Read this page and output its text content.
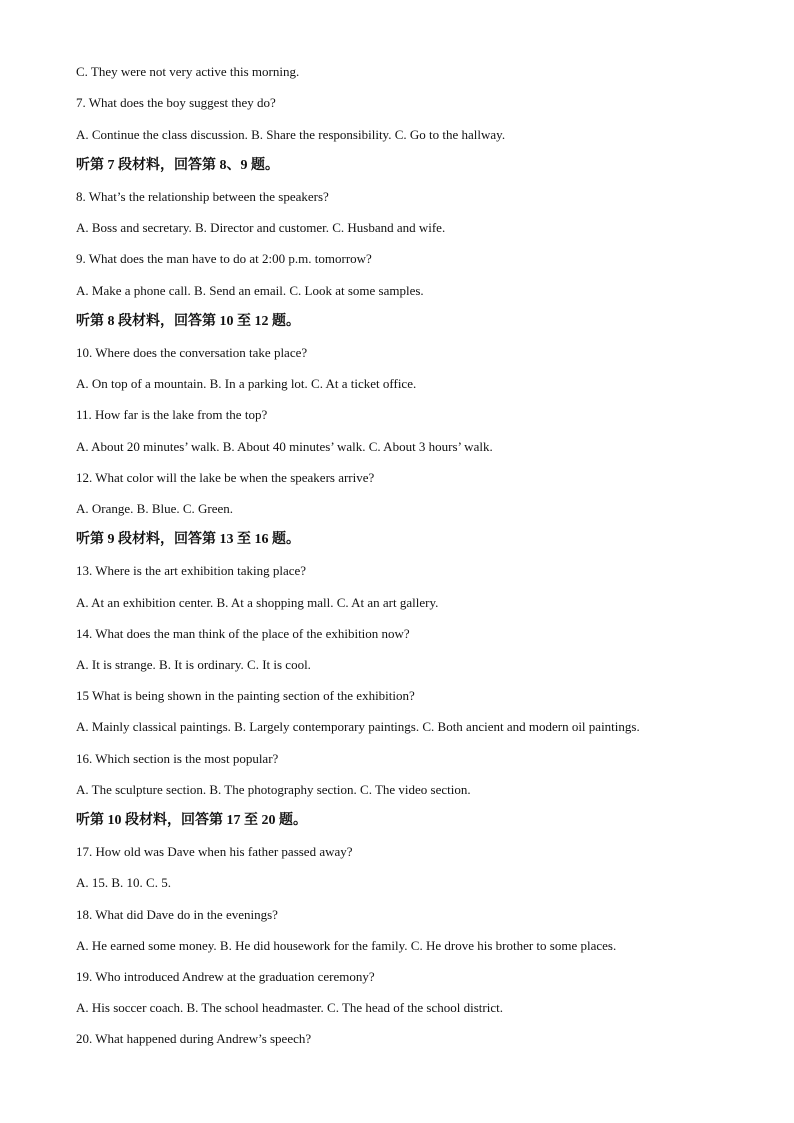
C. They were not very active this morning.
7. What does the boy suggest they do?
A. Continue the class discussion. B. Share the responsibility. C. Go to the hallway.
听第 7 段材料，回答第 8、9 题。
8. What’s the relationship between the speakers?
A. Boss and secretary. B. Director and customer. C. Husband and wife.
9. What does the man have to do at 2:00 p.m. tomorrow?
A. Make a phone call. B. Send an email. C. Look at some samples.
听第 8 段材料，回答第 10 至 12 题。
10. Where does the conversation take place?
A. On top of a mountain. B. In a parking lot. C. At a ticket office.
11. How far is the lake from the top?
A. About 20 minutes’ walk. B. About 40 minutes’ walk. C. About 3 hours’ walk.
12. What color will the lake be when the speakers arrive?
A. Orange. B. Blue. C. Green.
听第 9 段材料，回答第 13 至 16 题。
13. Where is the art exhibition taking place?
A. At an exhibition center. B. At a shopping mall. C. At an art gallery.
14. What does the man think of the place of the exhibition now?
A. It is strange. B. It is ordinary. C. It is cool.
15 What is being shown in the painting section of the exhibition?
A. Mainly classical paintings. B. Largely contemporary paintings. C. Both ancient and modern oil paintings.
16. Which section is the most popular?
A. The sculpture section. B. The photography section. C. The video section.
听第 10 段材料，回答第 17 至 20 题。
17. How old was Dave when his father passed away?
A. 15. B. 10. C. 5.
18. What did Dave do in the evenings?
A. He earned some money. B. He did housework for the family. C. He drove his brother to some places.
19. Who introduced Andrew at the graduation ceremony?
A. His soccer coach. B. The school headmaster. C. The head of the school district.
20. What happened during Andrew’s speech?
